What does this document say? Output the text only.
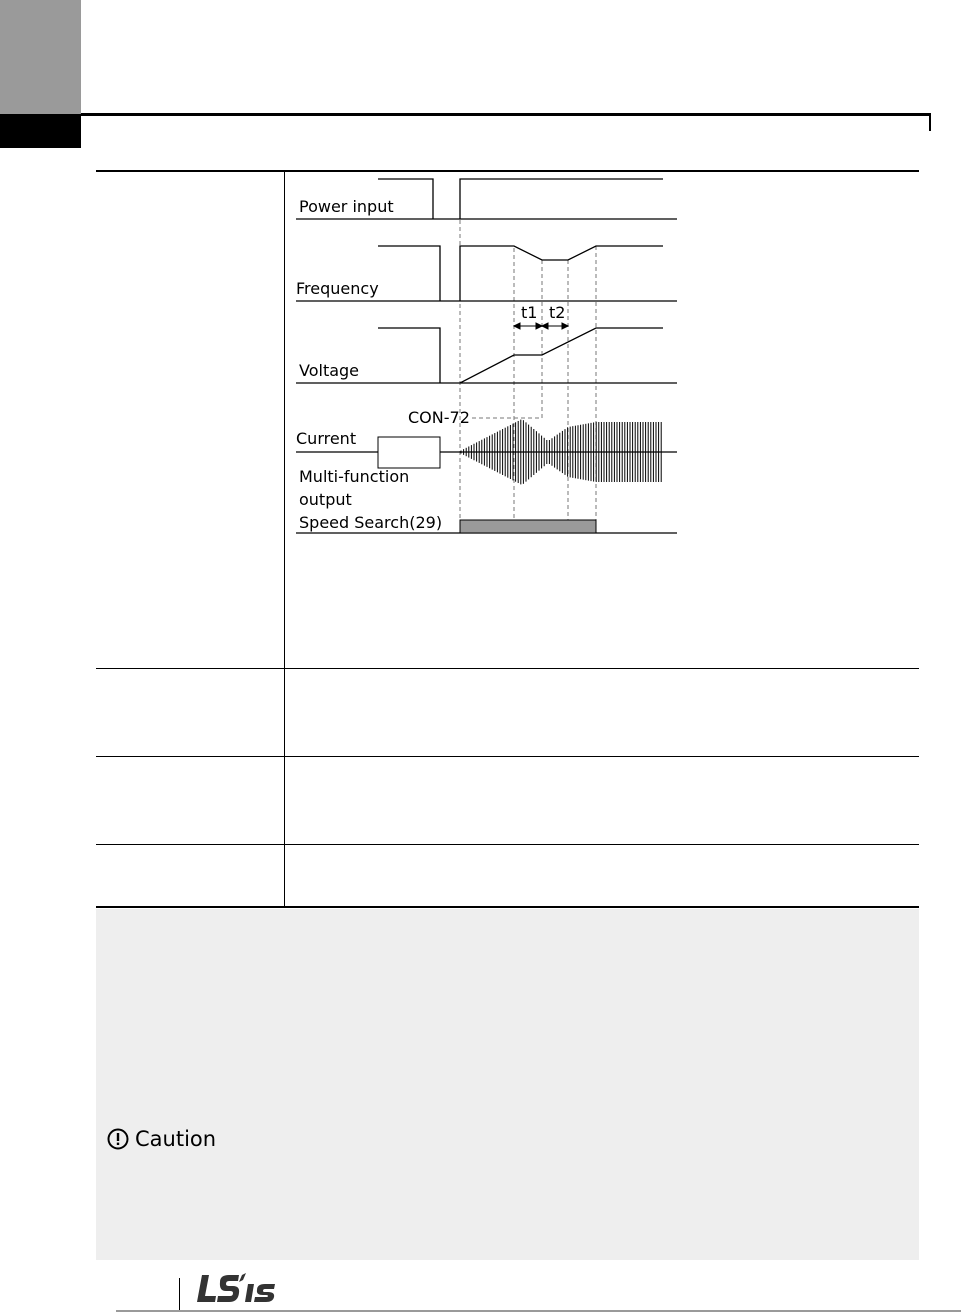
Power input
Frequency
t1 t2
Voltage
CON-72
Current
Multi-function
output
Speed Search(29)
Caution
